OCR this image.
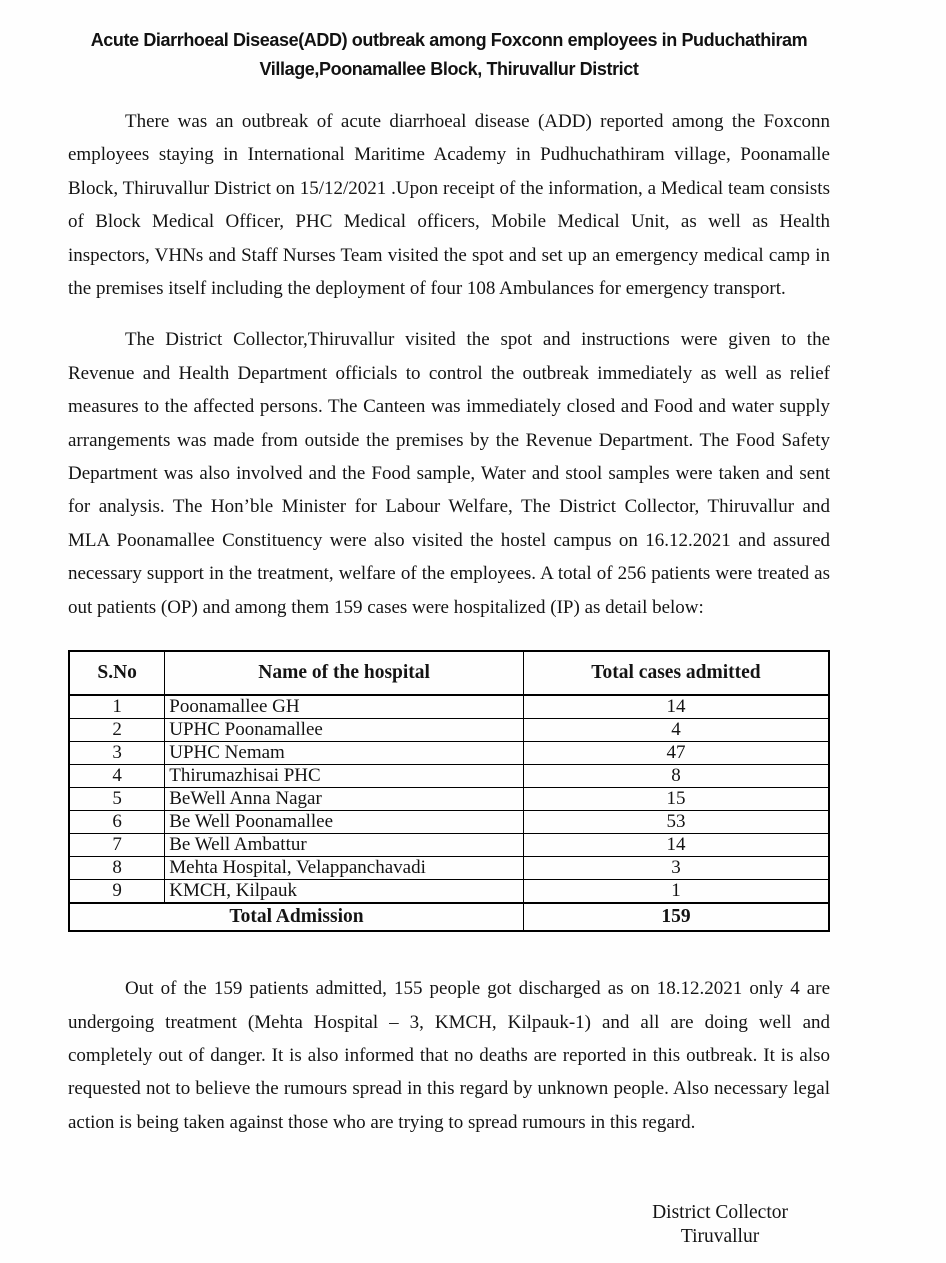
Acute Diarrhoeal Disease(ADD) outbreak among Foxconn employees in Puduchathiram Village,Poonamallee Block, Thiruvallur District

There was an outbreak of acute diarrhoeal disease (ADD) reported among the Foxconn employees staying in International Maritime Academy in Pudhuchathiram village, Poonamalle Block, Thiruvallur District on 15/12/2021 .Upon receipt of the information, a Medical team consists of Block Medical Officer, PHC Medical officers, Mobile Medical Unit, as well as Health inspectors, VHNs and Staff Nurses Team visited the spot and set up an emergency medical camp in the premises itself including the deployment of four 108 Ambulances for emergency transport.

The District Collector,Thiruvallur visited the spot and instructions were given to the Revenue and Health Department officials to control the outbreak immediately as well as relief measures to the affected persons. The Canteen was immediately closed and Food and water supply arrangements was made from outside the premises by the Revenue Department. The Food Safety Department was also involved and the Food sample, Water and stool samples were taken and sent for analysis. The Hon’ble Minister for Labour Welfare, The District Collector, Thiruvallur and MLA Poonamallee Constituency were also visited the hostel campus on 16.12.2021 and assured necessary support in the treatment, welfare of the employees. A total of 256 patients were treated as out patients (OP) and among them 159 cases were hospitalized (IP) as detail below:

S.No	Name of the hospital	Total cases admitted
1	Poonamallee GH	14
2	UPHC Poonamallee	4
3	UPHC Nemam	47
4	Thirumazhisai PHC	8
5	BeWell Anna Nagar	15
6	Be Well Poonamallee	53
7	Be Well Ambattur	14
8	Mehta Hospital, Velappanchavadi	3
9	KMCH, Kilpauk	1
Total Admission		159

Out of the 159 patients admitted, 155 people got discharged as on 18.12.2021 only 4 are undergoing treatment (Mehta Hospital – 3, KMCH, Kilpauk-1) and all are doing well and completely out of danger. It is also informed that no deaths are reported in this outbreak. It is also requested not to believe the rumours spread in this regard by unknown people. Also necessary legal action is being taken against those who are trying to spread rumours in this regard.

District Collector
Tiruvallur
